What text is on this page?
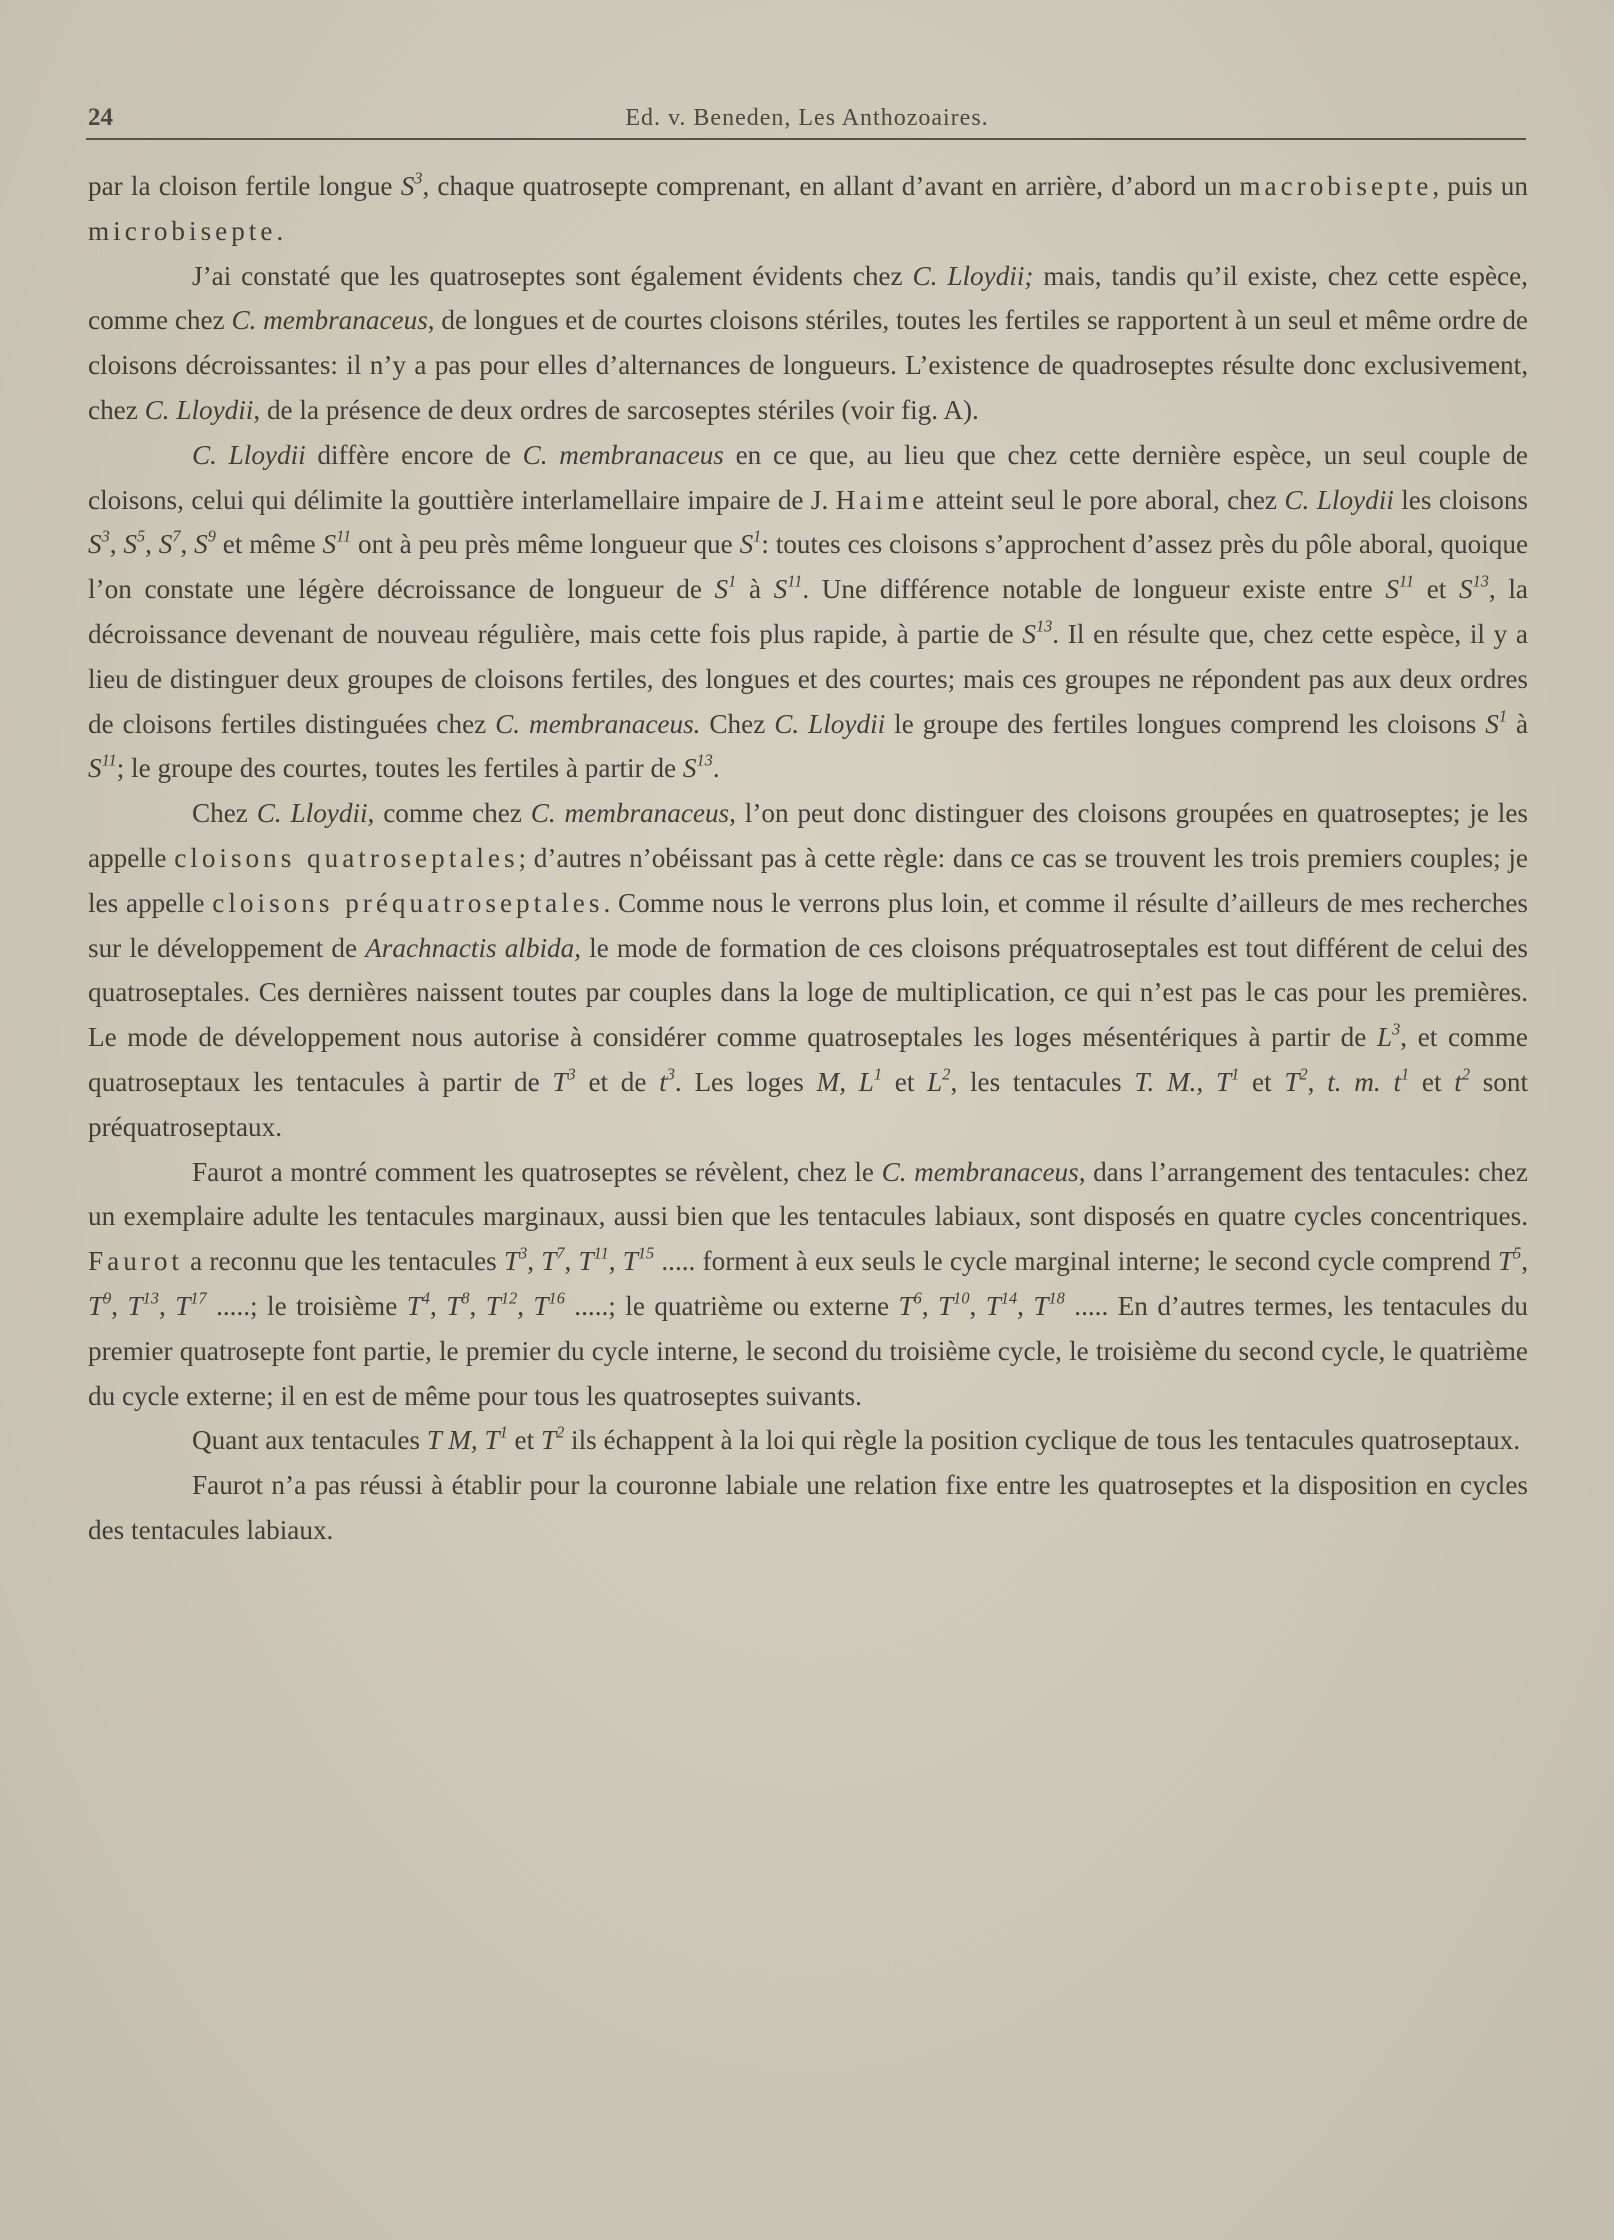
24	Ed. v. Beneden, Les Anthozoaires.

par la cloison fertile longue $S^3$, chaque quatrosepte comprenant, en allant d’avant en arrière, d’abord un macrobisepte, puis un microbisepte.

J’ai constaté que les quatroseptes sont également évidents chez C. Lloydii; mais, tandis qu’il existe, chez cette espèce, comme chez C. membranaceus, de longues et de courtes cloisons stériles, toutes les fertiles se rapportent à un seul et même ordre de cloisons décroissantes: il n’y a pas pour elles d’alternances de longueurs. L’existence de quadroseptes résulte donc exclusivement, chez C. Lloydii, de la présence de deux ordres de sarcoseptes stériles (voir fig. A).

C. Lloydii diffère encore de C. membranaceus en ce que, au lieu que chez cette dernière espèce, un seul couple de cloisons, celui qui délimite la gouttière interlamellaire impaire de J. Haime atteint seul le pore aboral, chez C. Lloydii les cloisons $S^3$, $S^5$, $S^7$, $S^9$ et même $S^{11}$ ont à peu près même longueur que $S^1$: toutes ces cloisons s’approchent d’assez près du pôle aboral, quoique l’on constate une légère décroissance de longueur de $S^1$ à $S^{11}$. Une différence notable de longueur existe entre $S^{11}$ et $S^{13}$, la décroissance devenant de nouveau régulière, mais cette fois plus rapide, à partie de $S^{13}$. Il en résulte que, chez cette espèce, il y a lieu de distinguer deux groupes de cloisons fertiles, des longues et des courtes; mais ces groupes ne répondent pas aux deux ordres de cloisons fertiles distinguées chez C. membranaceus. Chez C. Lloydii le groupe des fertiles longues comprend les cloisons $S^1$ à $S^{11}$; le groupe des courtes, toutes les fertiles à partir de $S^{13}$.

Chez C. Lloydii, comme chez C. membranaceus, l’on peut donc distinguer des cloisons groupées en quatroseptes; je les appelle cloisons quatroseptales; d’autres n’obéissant pas à cette règle: dans ce cas se trouvent les trois premiers couples; je les appelle cloisons préquatroseptales. Comme nous le verrons plus loin, et comme il résulte d’ailleurs de mes recherches sur le développement de Arachnactis albida, le mode de formation de ces cloisons préquatroseptales est tout différent de celui des quatroseptales. Ces dernières naissent toutes par couples dans la loge de multiplication, ce qui n’est pas le cas pour les premières. Le mode de développement nous autorise à considérer comme quatroseptales les loges mésentériques à partir de $L^3$, et comme quatroseptaux les tentacules à partir de $T^3$ et de $t^3$. Les loges M, $L^1$ et $L^2$, les tentacules T. M., $T^1$ et $T^2$, t. m. $t^1$ et $t^2$ sont préquatroseptaux.

Faurot a montré comment les quatroseptes se révèlent, chez le C. membranaceus, dans l’arrangement des tentacules: chez un exemplaire adulte les tentacules marginaux, aussi bien que les tentacules labiaux, sont disposés en quatre cycles concentriques. Faurot a reconnu que les tentacules $T^3$, $T^7$, $T^{11}$, $T^{15}$ ..... forment à eux seuls le cycle marginal interne; le second cycle comprend $T^5$, $T^9$, $T^{13}$, $T^{17}$ .....; le troisième $T^4$, $T^8$, $T^{12}$, $T^{16}$ .....; le quatrième ou externe $T^6$, $T^{10}$, $T^{14}$, $T^{18}$ ..... En d’autres termes, les tentacules du premier quatrosepte font partie, le premier du cycle interne, le second du troisième cycle, le troisième du second cycle, le quatrième du cycle externe; il en est de même pour tous les quatroseptes suivants.

Quant aux tentacules T M, $T^1$ et $T^2$ ils échappent à la loi qui règle la position cyclique de tous les tentacules quatroseptaux.

Faurot n’a pas réussi à établir pour la couronne labiale une relation fixe entre les quatroseptes et la disposition en cycles des tentacules labiaux.
